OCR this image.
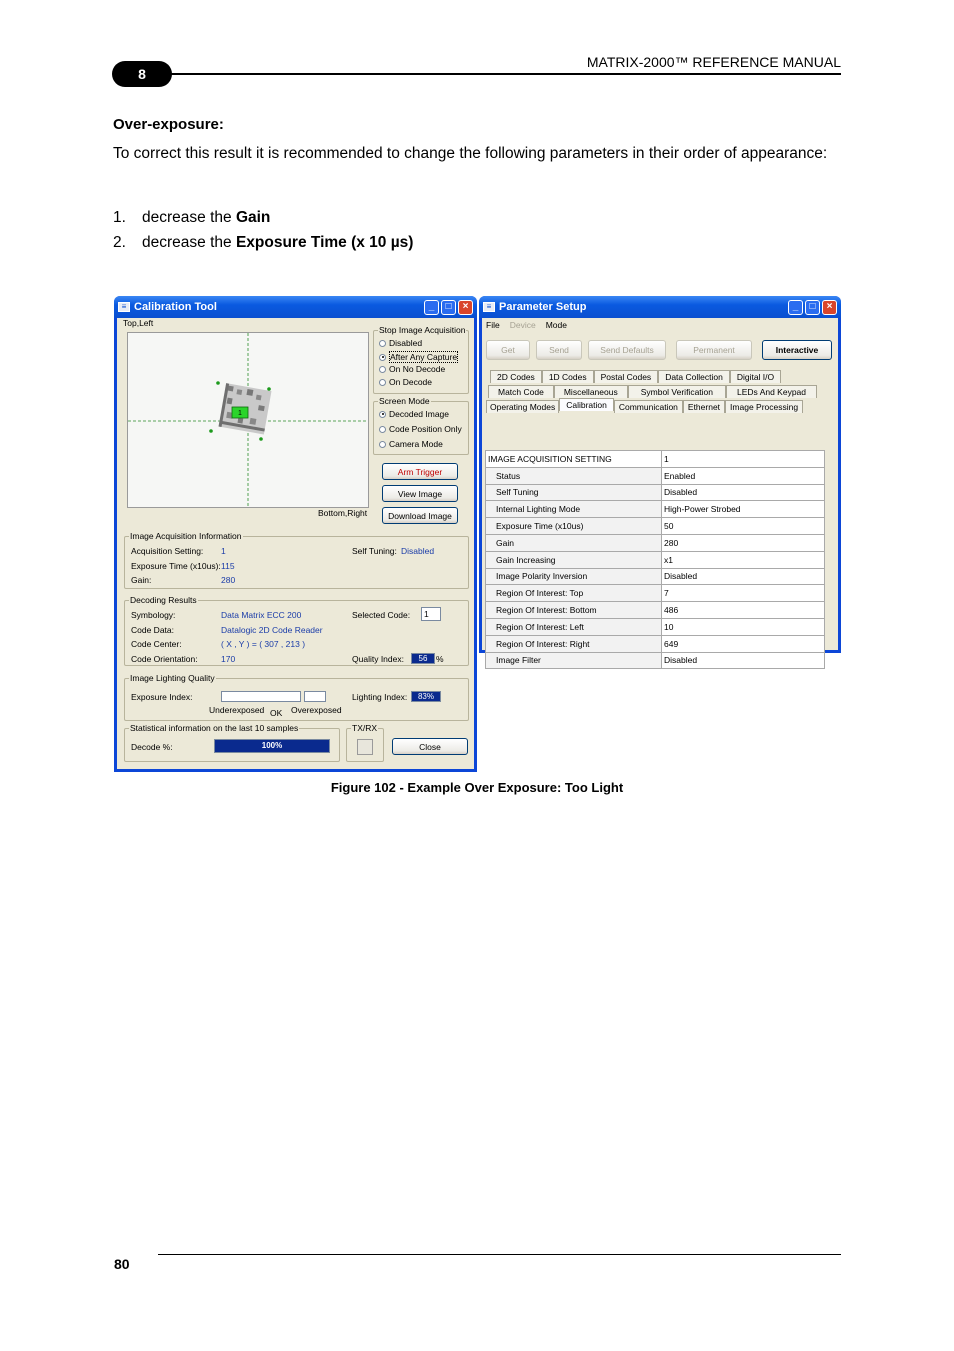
8
MATRIX-2000™ REFERENCE MANUAL
Over-exposure:
To correct this result it is recommended to change the following parameters in their order of appearance:
1. decrease the Gain
2. decrease the Exposure Time (x 10 µs)
≡ Calibration Tool	_	□	×
Top,Left
1
Bottom,Right
Stop Image Acquisition
Disabled
After Any Capture
On No Decode
On Decode
Screen Mode
Decoded Image
Code Position Only
Camera Mode
Arm Trigger
View Image
Download Image
Image Acquisition Information
Acquisition Setting: 1	Self Tuning: Disabled
Exposure Time (x10us): 115
Gain:	280
Decoding Results
Symbology:	Data Matrix ECC 200
Code Data:	Datalogic 2D Code Reader
Code Center:	( X , Y ) = ( 307 , 213 )
Code Orientation:	170
Selected Code:	1
Quality Index:	56	%
Image Lighting Quality
Exposure Index:
Underexposed OK Overexposed
Lighting Index:	83%
Statistical information on the last 10 samples
Decode %:	100%
TX/RX
Close
≡ Parameter Setup	_	□	×
File Device Mode
Get	Send	Send Defaults	Permanent	Interactive
2D Codes	1D Codes	Postal Codes	Data Collection	Digital I/O
Match Code	Miscellaneous	Symbol Verification	LEDs And Keypad
Operating Modes	Calibration	Communication	Ethernet	Image Processing
IMAGE ACQUISITION SETTING	1
Status	Enabled
Self Tuning	Disabled
Internal Lighting Mode	High-Power Strobed
Exposure Time (x10us)	50
Gain	280
Gain Increasing	x1
Image Polarity Inversion	Disabled
Region Of Interest: Top	7
Region Of Interest: Bottom	486
Region Of Interest: Left	10
Region Of Interest: Right	649
Image Filter	Disabled
Figure 102 - Example Over Exposure: Too Light
80
